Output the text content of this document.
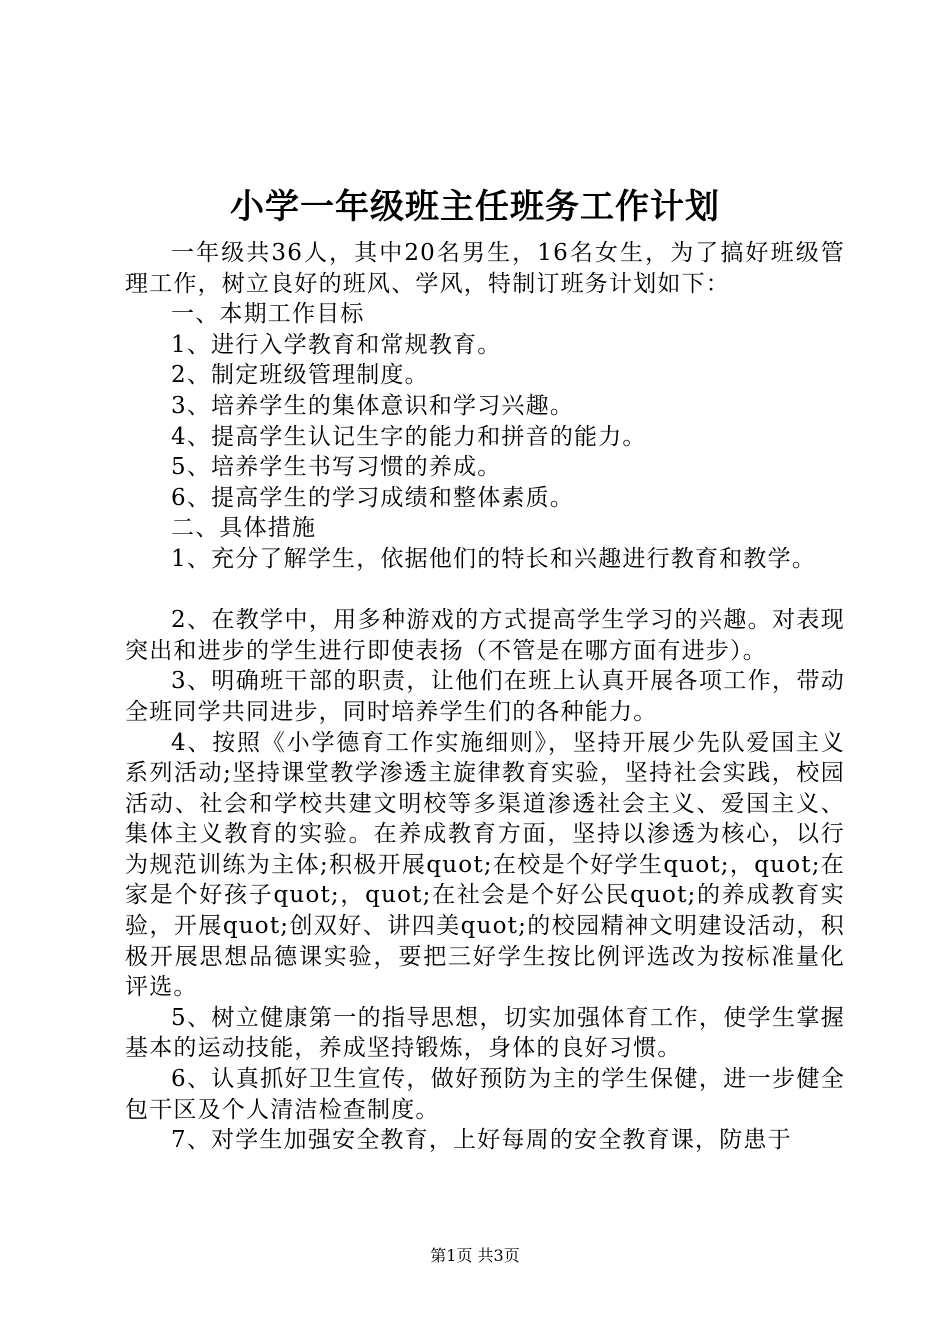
小学一年级班主任班务工作计划

一年级共36人，其中20名男生，16名女生，为了搞好班级管理工作，树立良好的班风、学风，特制订班务计划如下：

一、本期工作目标

1、进行入学教育和常规教育。

2、制定班级管理制度。

3、培养学生的集体意识和学习兴趣。

4、提高学生认记生字的能力和拼音的能力。

5、培养学生书写习惯的养成。

6、提高学生的学习成绩和整体素质。

二、具体措施

1、充分了解学生，依据他们的特长和兴趣进行教育和教学。

2、在教学中，用多种游戏的方式提高学生学习的兴趣。对表现突出和进步的学生进行即使表扬（不管是在哪方面有进步）。

3、明确班干部的职责，让他们在班上认真开展各项工作，带动全班同学共同进步，同时培养学生们的各种能力。

4、按照《小学德育工作实施细则》，坚持开展少先队爱国主义系列活动;坚持课堂教学渗透主旋律教育实验，坚持社会实践，校园活动、社会和学校共建文明校等多渠道渗透社会主义、爱国主义、集体主义教育的实验。在养成教育方面，坚持以渗透为核心，以行为规范训练为主体;积极开展quot;在校是个好学生quot;，quot;在家是个好孩子quot;，quot;在社会是个好公民quot;的养成教育实验，开展quot;创双好、讲四美quot;的校园精神文明建设活动，积极开展思想品德课实验，要把三好学生按比例评选改为按标准量化评选。

5、树立健康第一的指导思想，切实加强体育工作，使学生掌握基本的运动技能，养成坚持锻炼，身体的良好习惯。

6、认真抓好卫生宣传，做好预防为主的学生保健，进一步健全包干区及个人清洁检查制度。

7、对学生加强安全教育，上好每周的安全教育课，防患于

第1页 共3页
